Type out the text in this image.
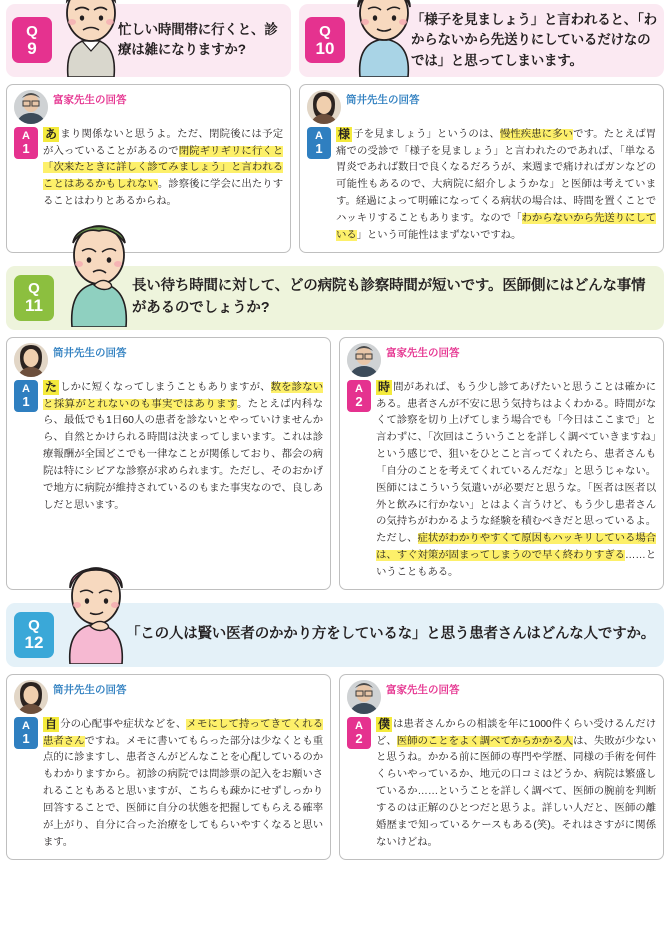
Q
9
忙しい時間帯に行くと、診療は雑になりますか?
Q
10
「様子を見ましょう」と言われると、「わからないから先送りにしているだけなのでは」と思ってしまいます。
富家先生の回答
A
1
あ まり関係ないと思うよ。ただ、閉院後には予定が入っていることがあるので閉院ギリギリに行くと「次来たときに詳しく診てみましょう」と言われることはあるかもしれない。診察後に学会に出たりすることはわりとあるからね。
筒井先生の回答
A
1
様 子を見ましょう」というのは、慢性疾患に多いです。たとえば胃痛での受診で「様子を見ましょう」と言われたのであれば、「単なる胃炎であれば数日で良くなるだろうが、来週まで痛ければガンなどの可能性もあるので、大病院に紹介しようかな」と医師は考えています。経過によって明確になってくる病状の場合は、時間を置くことでハッキリすることもあります。なので「わからないから先送りにしている」という可能性はまずないですね。
Q
11
長い待ち時間に対して、どの病院も診察時間が短いです。医師側にはどんな事情があるのでしょうか?
筒井先生の回答
A
1
た しかに短くなってしまうこともありますが、数を診ないと採算がとれないのも事実ではあります。たとえば内科なら、最低でも1日60人の患者を診ないとやっていけませんから、自然とかけられる時間は決まってしまいます。これは診療報酬が全国どこでも一律なことが関係しており、都会の病院は特にシビアな診察が求められます。ただし、そのおかげで地方に病院が維持されているのもまた事実なので、良しあしだと思います。
富家先生の回答
A
2
時 間があれば、もう少し診てあげたいと思うことは確かにある。患者さんが不安に思う気持ちはよくわかる。時間がなくて診察を切り上げてしまう場合でも「今日はここまで」と言わずに、「次回はこういうことを詳しく調べていきますね」という感じで、狙いをひとこと言ってくれたら、患者さんも「自分のことを考えてくれているんだな」と思うじゃない。医師にはこういう気遣いが必要だと思うな。「医者は医者以外と飲みに行かない」とはよく言うけど、もう少し患者さんの気持ちがわかるような経験を積むべきだと思っているよ。ただし、症状がわかりやすくて原因もハッキリしている場合は、すぐ対策が固まってしまうので早く終わりすぎる……ということもある。
Q
12	「この人は賢い医者のかかり方をしているな」と思う患者さんはどんな人ですか。
筒井先生の回答
A
1
自 分の心配事や症状などを、メモにして持ってきてくれる患者さんですね。メモに書いてもらった部分は少なくとも重点的に診ますし、患者さんがどんなことを心配しているのかもわかりますから。初診の病院では問診票の記入をお願いされることもあると思いますが、こちらも疎かにせずしっかり回答することで、医師に自分の状態を把握してもらえる確率が上がり、自分に合った治療をしてもらいやすくなると思います。
富家先生の回答
A
2
僕 は患者さんからの相談を年に1000件くらい受けるんだけど、医師のことをよく調べてからかかる人は、失敗が少ないと思うね。かかる前に医師の専門や学歴、同様の手術を何件くらいやっているか、地元の口コミはどうか、病院は繁盛しているか……ということを詳しく調べて、医師の腕前を判断するのは正解のひとつだと思うよ。詳しい人だと、医師の離婚歴まで知っているケースもある(笑)。それはさすがに関係ないけどね。
